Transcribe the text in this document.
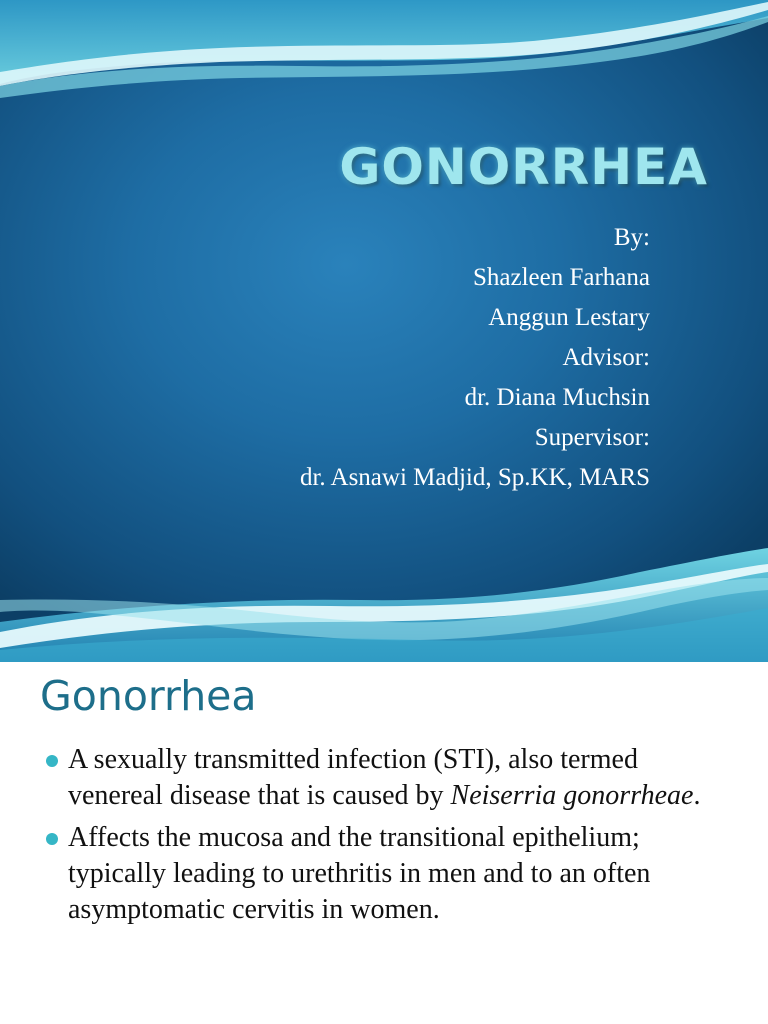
GONORRHEA
By:
Shazleen Farhana
Anggun Lestary
Advisor:
dr. Diana Muchsin
Supervisor:
dr. Asnawi Madjid, Sp.KK, MARS
Gonorrhea
A sexually transmitted infection (STI), also termed venereal disease that is caused by Neiserria gonorrheae.
Affects the mucosa and the transitional epithelium; typically leading to urethritis in men and to an often asymptomatic cervitis in women.
